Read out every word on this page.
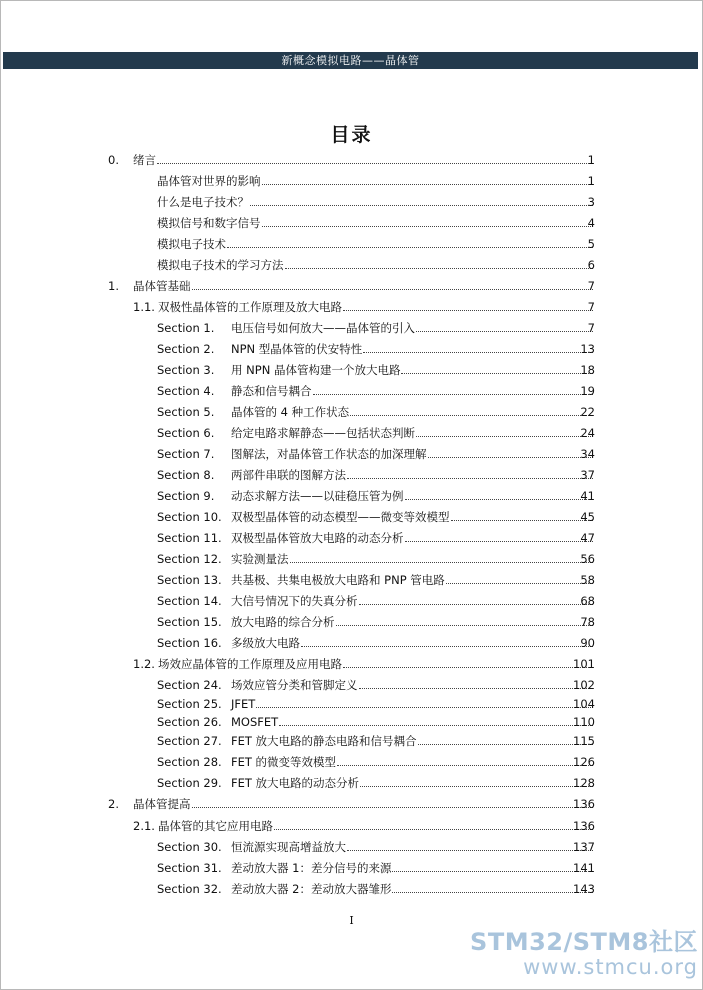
新概念模拟电路——晶体管
目录
0. 绪言	1
晶体管对世界的影响	1
什么是电子技术？	3
模拟信号和数字信号	4
模拟电子技术	5
模拟电子技术的学习方法	6
1. 晶体管基础	7
1.1. 双极性晶体管的工作原理及放大电路	7
Section 1. 电压信号如何放大——晶体管的引入	7
Section 2. NPN 型晶体管的伏安特性	13
Section 3. 用 NPN 晶体管构建一个放大电路	18
Section 4. 静态和信号耦合	19
Section 5. 晶体管的 4 种工作状态	22
Section 6. 给定电路求解静态——包括状态判断	24
Section 7. 图解法，对晶体管工作状态的加深理解	34
Section 8. 两部件串联的图解方法	37
Section 9. 动态求解方法——以硅稳压管为例	41
Section 10. 双极型晶体管的动态模型——微变等效模型	45
Section 11. 双极型晶体管放大电路的动态分析	47
Section 12. 实验测量法	56
Section 13. 共基极、共集电极放大电路和 PNP 管电路	58
Section 14. 大信号情况下的失真分析	68
Section 15. 放大电路的综合分析	78
Section 16. 多级放大电路	90
1.2. 场效应晶体管的工作原理及应用电路	101
Section 24. 场效应管分类和管脚定义	102
Section 25. JFET	104
Section 26. MOSFET	110
Section 27. FET 放大电路的静态电路和信号耦合	115
Section 28. FET 的微变等效模型	126
Section 29. FET 放大电路的动态分析	128
2. 晶体管提高	136
2.1. 晶体管的其它应用电路	136
Section 30. 恒流源实现高增益放大	137
Section 31. 差动放大器 1：差分信号的来源	141
Section 32. 差动放大器 2：差动放大器雏形	143
I
STM32/STM8社区
www.stmcu.org
